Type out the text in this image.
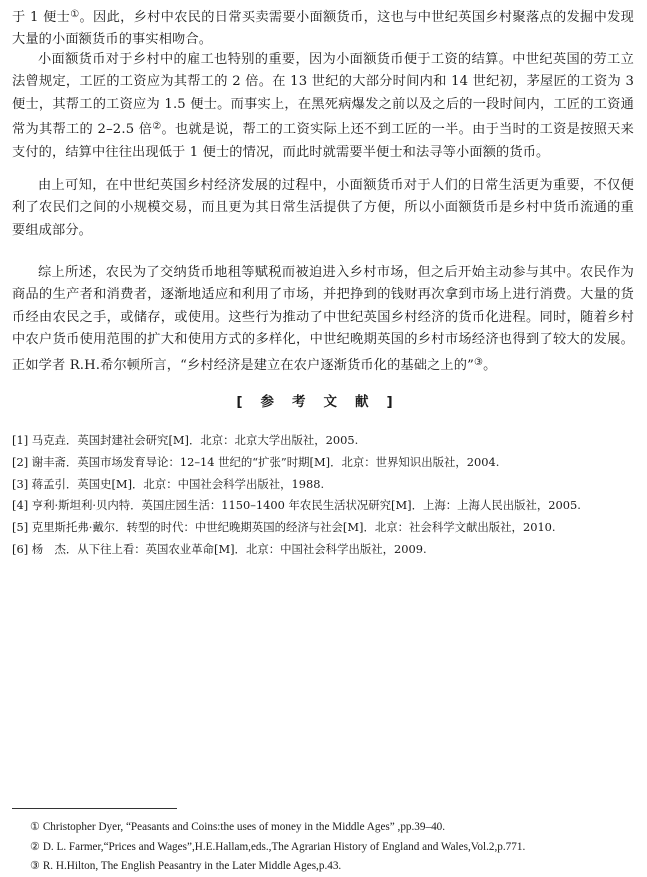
于 1 便士①。因此，乡村中农民的日常买卖需要小面额货币，这也与中世纪英国乡村聚落点的发掘中发现大量的小面额货币的事实相吻合。
小面额货币对于乡村中的雇工也特别的重要，因为小面额货币便于工资的结算。中世纪英国的劳工立法曾规定，工匠的工资应为其帮工的 2 倍。在 13 世纪的大部分时间内和 14 世纪初，茅屋匠的工资为 3 便士，其帮工的工资应为 1.5 便士。而事实上，在黑死病爆发之前以及之后的一段时间内，工匠的工资通常为其帮工的 2–2.5 倍②。也就是说，帮工的工资实际上还不到工匠的一半。由于当时的工资是按照天来支付的，结算中往往出现低于 1 便士的情况，而此时就需要半便士和法寻等小面额的货币。
由上可知，在中世纪英国乡村经济发展的过程中，小面额货币对于人们的日常生活更为重要，不仅便利了农民们之间的小规模交易，而且更为其日常生活提供了方便，所以小面额货币是乡村中货币流通的重要组成部分。
综上所述，农民为了交纳货币地租等赋税而被迫进入乡村市场，但之后开始主动参与其中。农民作为商品的生产者和消费者，逐渐地适应和利用了市场，并把挣到的钱财再次拿到市场上进行消费。大量的货币经由农民之手，或储存，或使用。这些行为推动了中世纪英国乡村经济的货币化进程。同时，随着乡村中农户货币使用范围的扩大和使用方式的多样化，中世纪晚期英国的乡村市场经济也得到了较大的发展。正如学者 R.H.希尔顿所言，“乡村经济是建立在农户逐渐货币化的基础之上的”③。
[参考文献]
[1] 马克垚．英国封建社会研究[M]．北京：北京大学出版社，2005.
[2] 谢丰斋．英国市场发育导论：12–14 世纪的“扩张”时期[M]．北京：世界知识出版社，2004.
[3] 蒋孟引．英国史[M]．北京：中国社会科学出版社，1988.
[4] 亨利·斯坦利·贝内特．英国庄园生活：1150–1400 年农民生活状况研究[M]．上海：上海人民出版社，2005.
[5] 克里斯托弗·戴尔．转型的时代：中世纪晚期英国的经济与社会[M]．北京：社会科学文献出版社，2010.
[6] 杨　杰．从下往上看：英国农业革命[M]．北京：中国社会科学出版社，2009.
① Christopher Dyer, “Peasants and Coins:the uses of money in the Middle Ages” ,pp.39–40.
② D. L. Farmer,“Prices and Wages”,H.E.Hallam,eds.,The Agrarian History of England and Wales,Vol.2,p.771.
③ R. H.Hilton, The English Peasantry in the Later Middle Ages,p.43.
